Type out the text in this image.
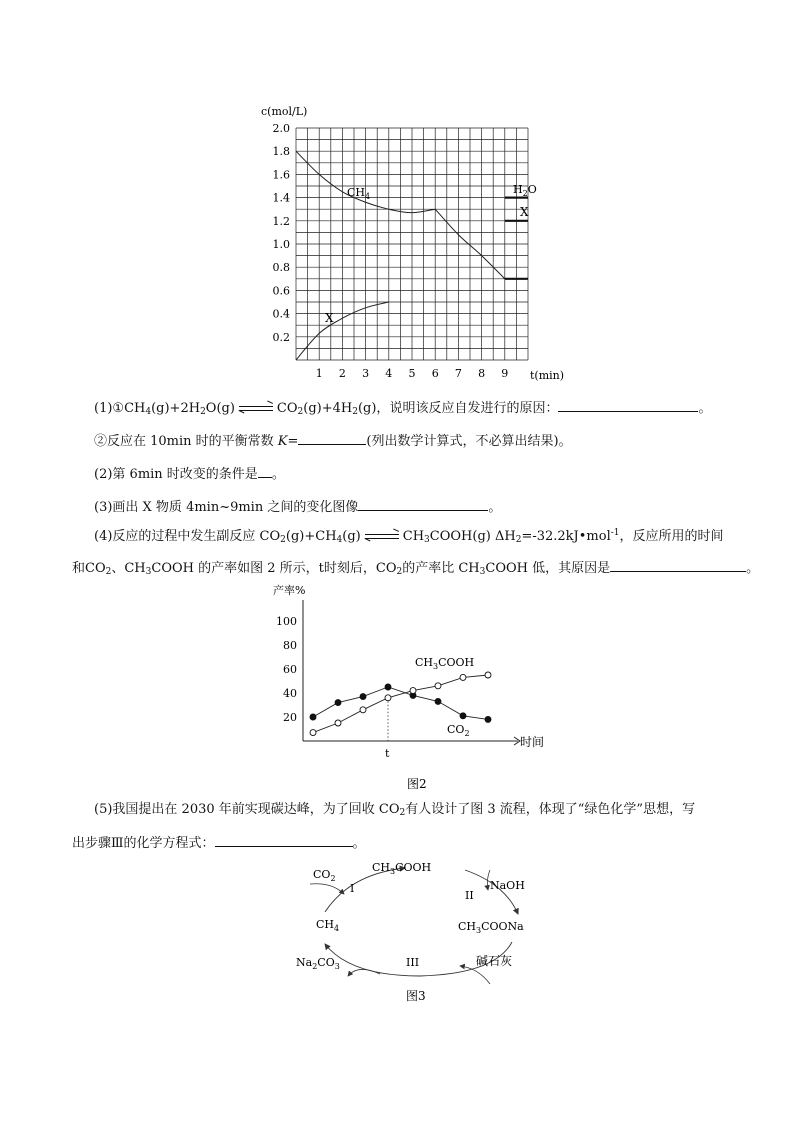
2.0
1.8
1.6
1.4
1.2
1.0
0.8
0.6
0.4
0.2
1 2 3 4 5 6 7 8 9
c(mol/L)
t(min)
$CH_4$
X
$H_2O$
X
$(1)①CH_4(g)+2H_2O(g)$	$CO_2(g)+4H_2(g)$，说明该反应自发进行的原因：	。
②反应在 10min 时的平衡常数 K=	(列出数学计算式，不必算出结果)。
(2)第 6min 时改变的条件是 。
(3)画出 X 物质 4min~9min 之间的变化图像	。
(4)反应的过程中发生副反应 $CO_2(g)+CH_4(g)$	$CH_3COOH(g)$ $\Delta H_2=-32.2kJ•mol^{-1}$，反应所用的时间
和$CO_2$、$CH_3COOH$ 的产率如图 2 所示，t时刻后，$CO_2$的产率比 $CH_3COOH$ 低，其原因是	。
产率%
100
80
60
40
20
时间
t
$CH_3COOH$
$CO_2$
图2
(5)我国提出在 2030 年前实现碳达峰，为了回收 $CO_2$有人设计了图 3 流程，体现了“绿色化学”思想，写
出步骤Ⅲ的化学方程式：	。
$CO_2$
$CH_3COOH$
NaOH
$CH_3COONa$
$CH_4$
$Na_2CO_3$	碱石灰
I
II
III
图3
